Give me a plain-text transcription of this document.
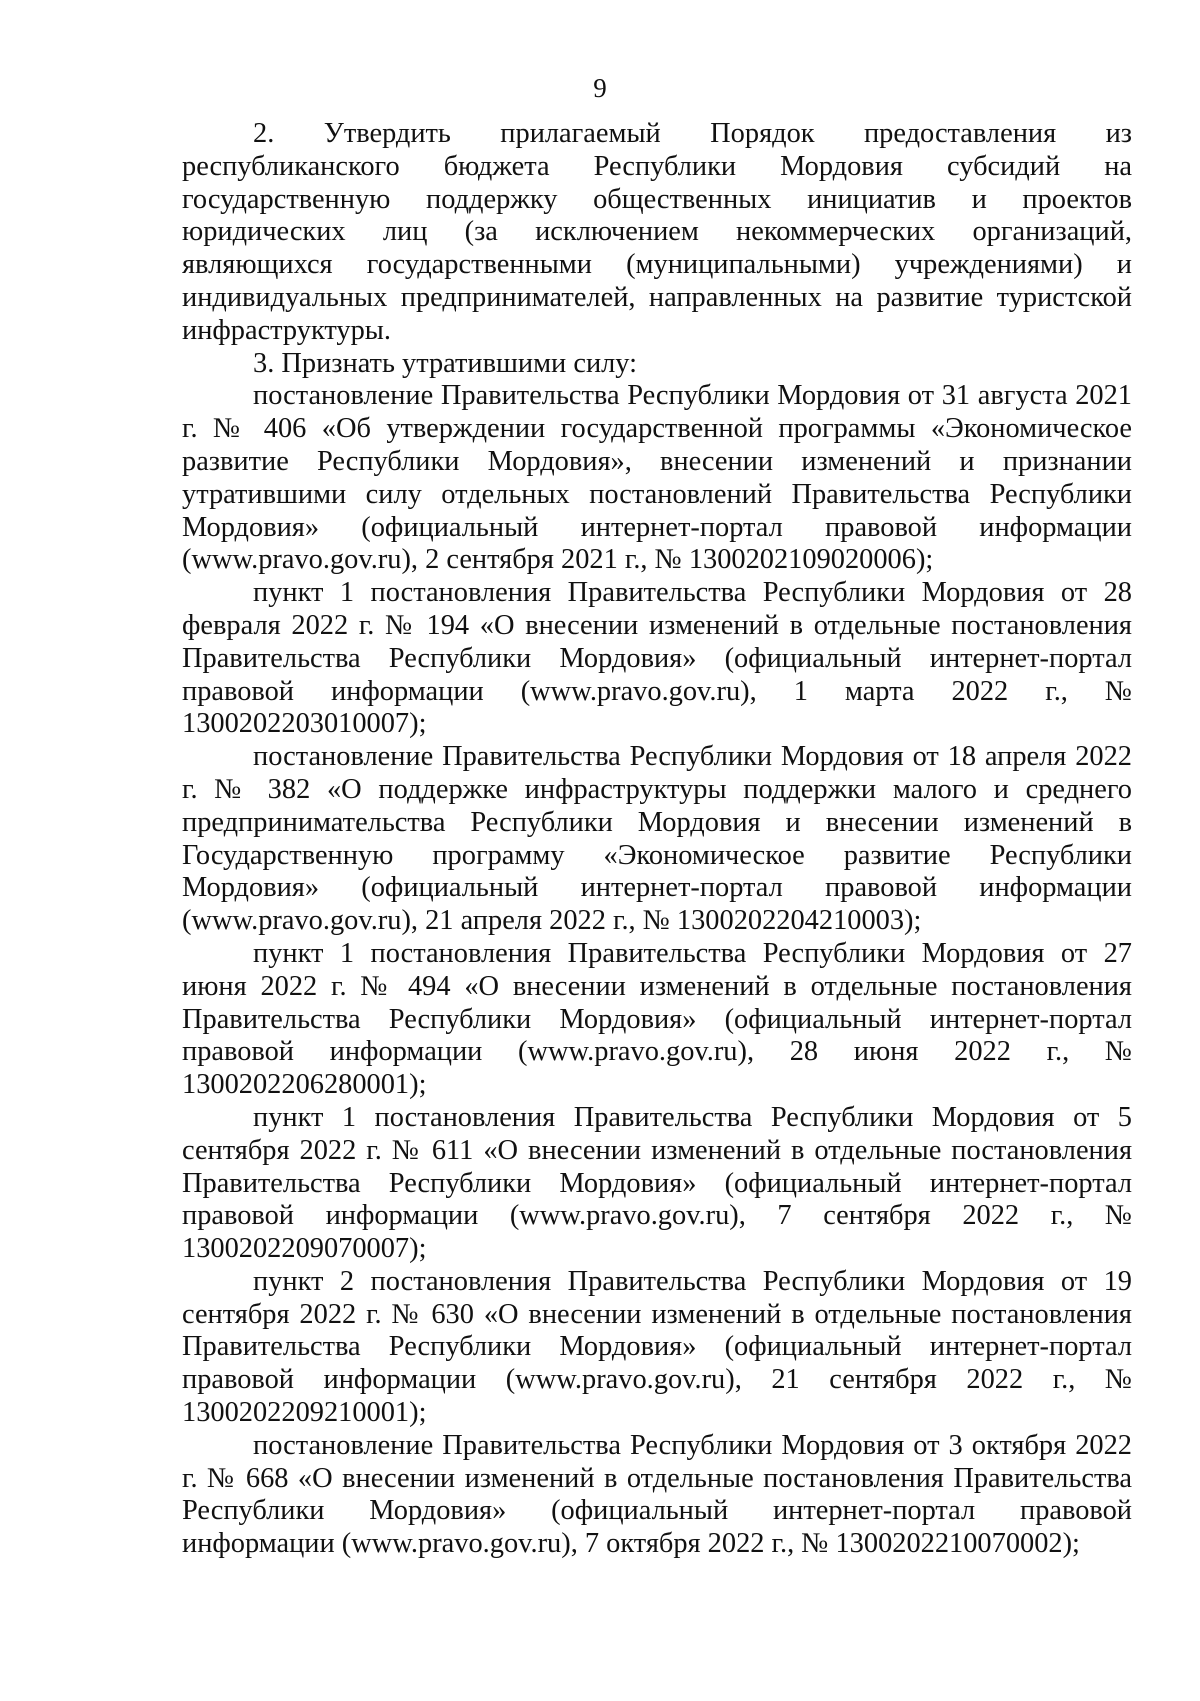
9

2. Утвердить прилагаемый Порядок предоставления из республиканского бюджета Республики Мордовия субсидий на государственную поддержку общественных инициатив и проектов юридических лиц (за исключением некоммерческих организаций, являющихся государственными (муниципальными) учреждениями) и индивидуальных предпринимателей, направленных на развитие туристской инфраструктуры.

3. Признать утратившими силу:

постановление Правительства Республики Мордовия от 31 августа 2021 г. № 406 «Об утверждении государственной программы «Экономическое развитие Республики Мордовия», внесении изменений и признании утратившими силу отдельных постановлений Правительства Республики Мордовия» (официальный интернет-портал правовой информации (www.pravo.gov.ru), 2 сентября 2021 г., № 1300202109020006);

пункт 1 постановления Правительства Республики Мордовия от 28 февраля 2022 г. № 194 «О внесении изменений в отдельные постановления Правительства Республики Мордовия» (официальный интернет-портал правовой информации (www.pravo.gov.ru), 1 марта 2022 г., № 1300202203010007);

постановление Правительства Республики Мордовия от 18 апреля 2022 г. № 382 «О поддержке инфраструктуры поддержки малого и среднего предпринимательства Республики Мордовия и внесении изменений в Государственную программу «Экономическое развитие Республики Мордовия» (официальный интернет-портал правовой информации (www.pravo.gov.ru), 21 апреля 2022 г., № 1300202204210003);

пункт 1 постановления Правительства Республики Мордовия от 27 июня 2022 г. № 494 «О внесении изменений в отдельные постановления Правительства Республики Мордовия» (официальный интернет-портал правовой информации (www.pravo.gov.ru), 28 июня 2022 г., № 1300202206280001);

пункт 1 постановления Правительства Республики Мордовия от 5 сентября 2022 г. № 611 «О внесении изменений в отдельные постановления Правительства Республики Мордовия» (официальный интернет-портал правовой информации (www.pravo.gov.ru), 7 сентября 2022 г., № 1300202209070007);

пункт 2 постановления Правительства Республики Мордовия от 19 сентября 2022 г. № 630 «О внесении изменений в отдельные постановления Правительства Республики Мордовия» (официальный интернет-портал правовой информации (www.pravo.gov.ru), 21 сентября 2022 г., № 1300202209210001);

постановление Правительства Республики Мордовия от 3 октября 2022 г. № 668 «О внесении изменений в отдельные постановления Правительства Республики Мордовия» (официальный интернет-портал правовой информации (www.pravo.gov.ru), 7 октября 2022 г., № 1300202210070002);
